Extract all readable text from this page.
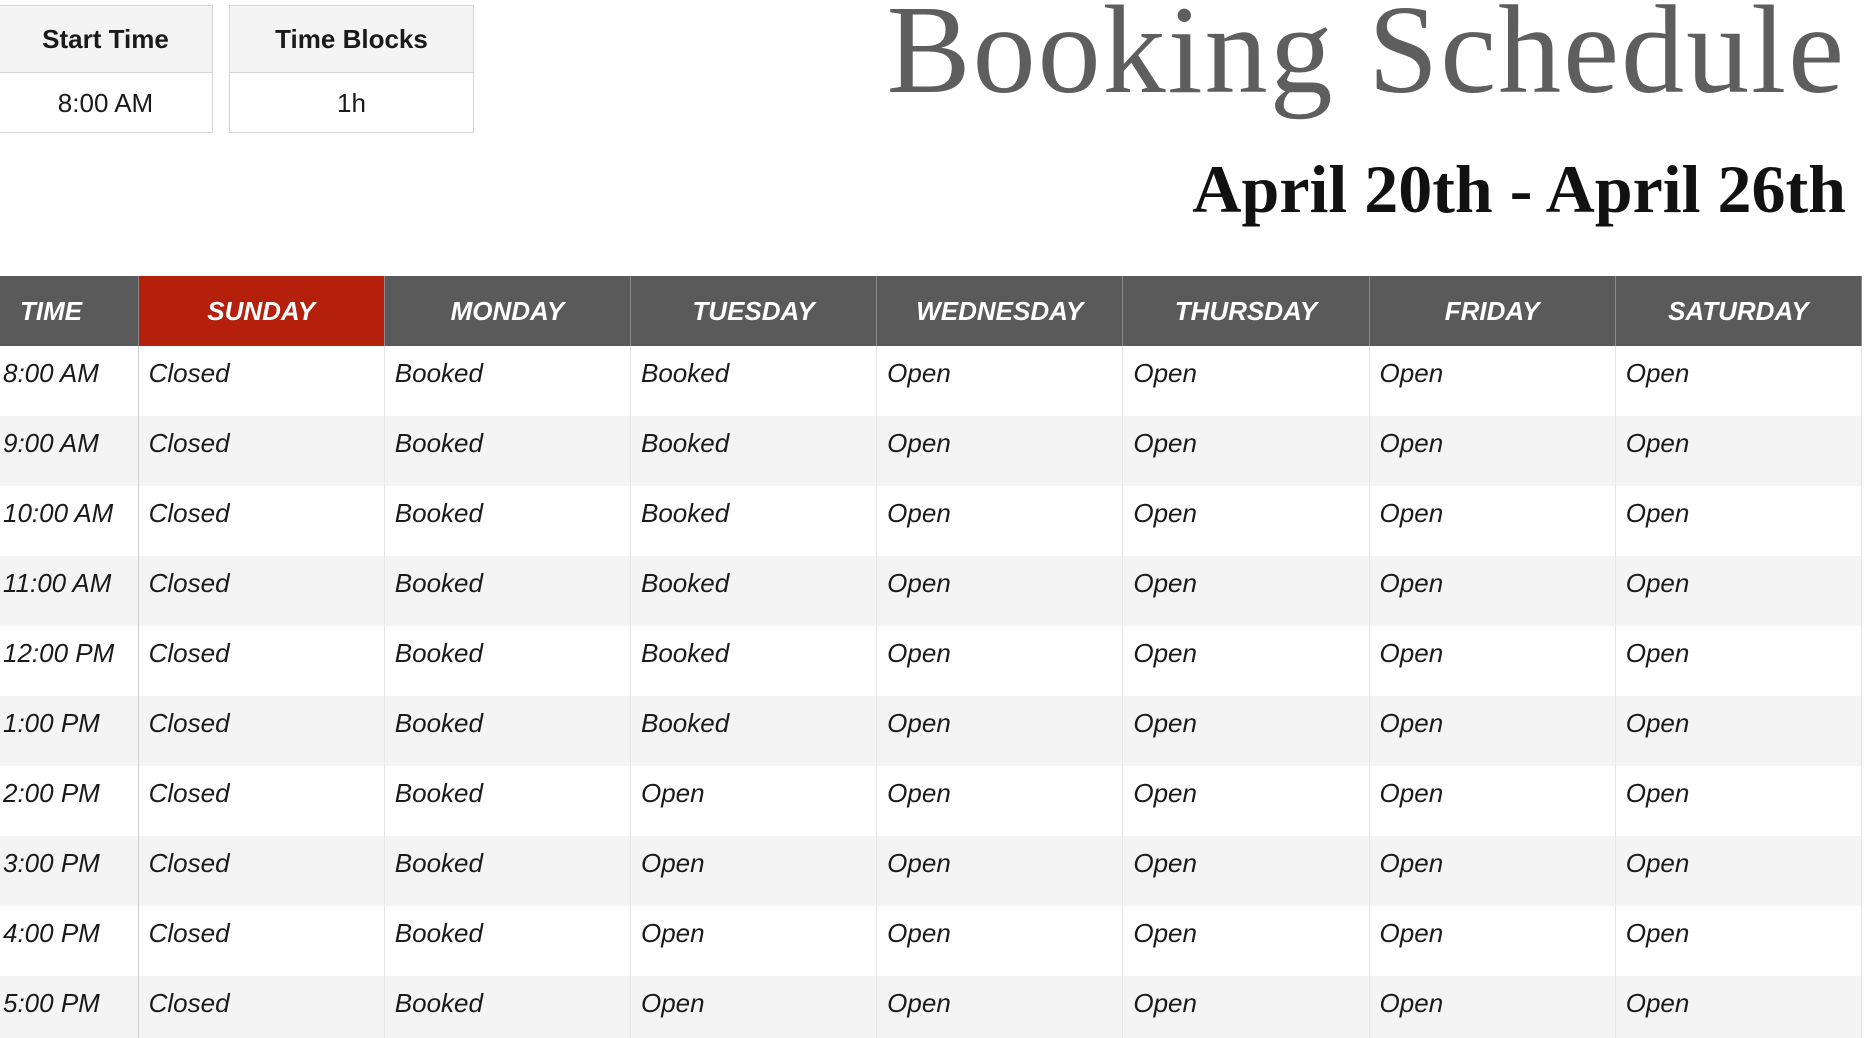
Start Time
8:00 AM
Time Blocks
1h	Booking Schedule
April 20th - April 26th
TIME	SUNDAY	MONDAY	TUESDAY	WEDNESDAY	THURSDAY	FRIDAY	SATURDAY
8:00 AM	Closed	Booked	Booked	Open	Open	Open	Open
9:00 AM	Closed	Booked	Booked	Open	Open	Open	Open
10:00 AM	Closed	Booked	Booked	Open	Open	Open	Open
11:00 AM	Closed	Booked	Booked	Open	Open	Open	Open
12:00 PM	Closed	Booked	Booked	Open	Open	Open	Open
1:00 PM	Closed	Booked	Booked	Open	Open	Open	Open
2:00 PM	Closed	Booked	Open	Open	Open	Open	Open
3:00 PM	Closed	Booked	Open	Open	Open	Open	Open
4:00 PM	Closed	Booked	Open	Open	Open	Open	Open
5:00 PM	Closed	Booked	Open	Open	Open	Open	Open
